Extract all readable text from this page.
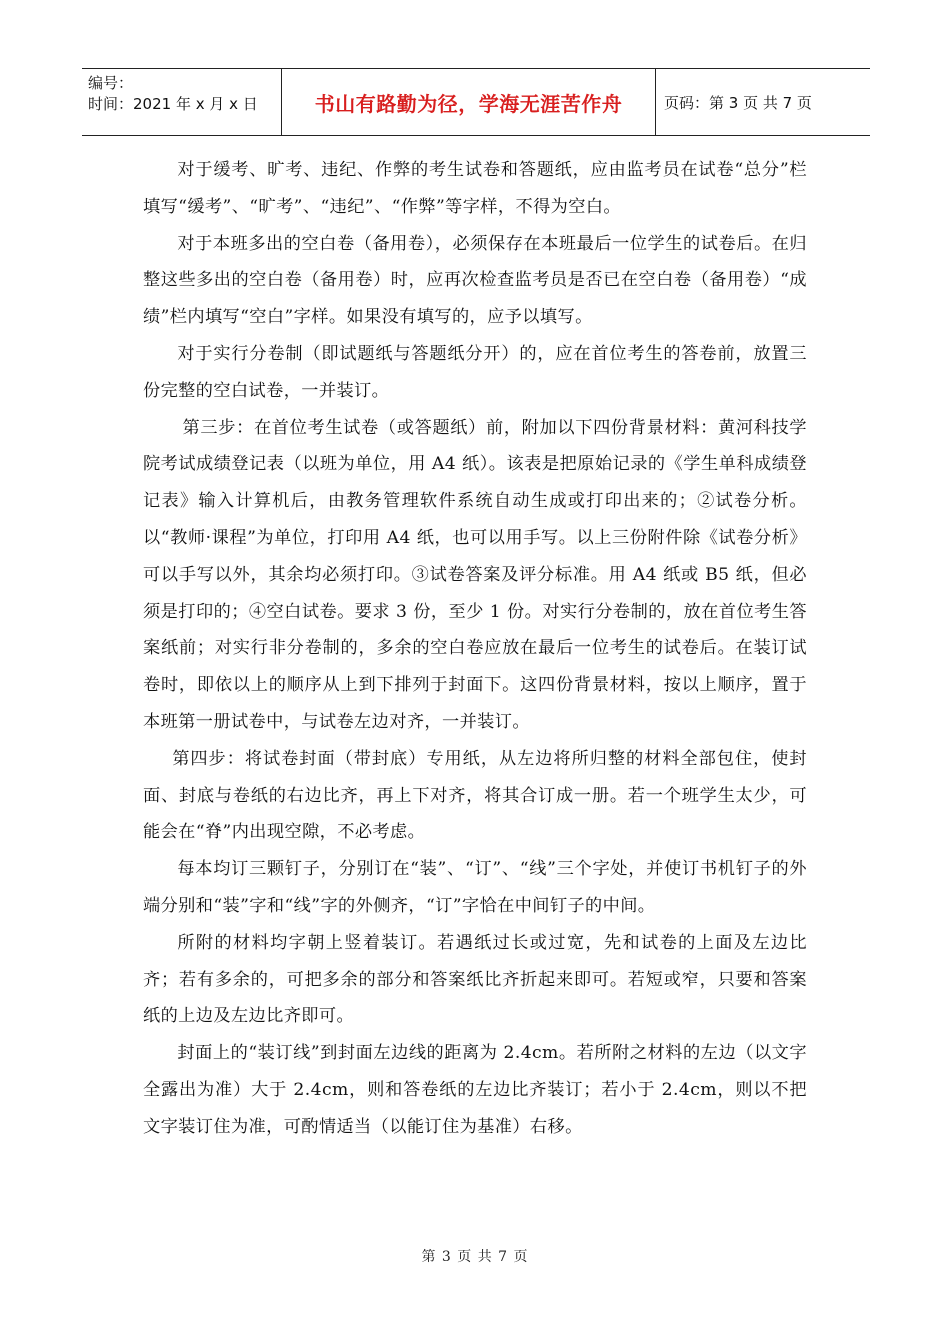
编号：
时间：2021 年 x 月 x 日	书山有路勤为径，学海无涯苦作舟	页码：第 3 页 共 7 页

对于缓考、旷考、违纪、作弊的考生试卷和答题纸，应由监考员在试卷“总分”栏填写“缓考”、“旷考”、“违纪”、“作弊”等字样，不得为空白。

对于本班多出的空白卷（备用卷），必须保存在本班最后一位学生的试卷后。在归整这些多出的空白卷（备用卷）时，应再次检查监考员是否已在空白卷（备用卷）“成绩”栏内填写“空白”字样。如果没有填写的，应予以填写。

对于实行分卷制（即试题纸与答题纸分开）的，应在首位考生的答卷前，放置三份完整的空白试卷，一并装订。

第三步：在首位考生试卷（或答题纸）前，附加以下四份背景材料：黄河科技学院考试成绩登记表（以班为单位，用 A4 纸）。该表是把原始记录的《学生单科成绩登记表》输入计算机后，由教务管理软件系统自动生成或打印出来的；②试卷分析。以“教师·课程”为单位，打印用 A4 纸，也可以用手写。以上三份附件除《试卷分析》可以手写以外，其余均必须打印。③试卷答案及评分标准。用 A4 纸或 B5 纸，但必须是打印的；④空白试卷。要求 3 份，至少 1 份。对实行分卷制的，放在首位考生答案纸前；对实行非分卷制的，多余的空白卷应放在最后一位考生的试卷后。在装订试卷时，即依以上的顺序从上到下排列于封面下。这四份背景材料，按以上顺序，置于本班第一册试卷中，与试卷左边对齐，一并装订。

第四步：将试卷封面（带封底）专用纸，从左边将所归整的材料全部包住，使封面、封底与卷纸的右边比齐，再上下对齐，将其合订成一册。若一个班学生太少，可能会在“脊”内出现空隙，不必考虑。

每本均订三颗钉子，分别订在“装”、“订”、“线”三个字处，并使订书机钉子的外端分别和“装”字和“线”字的外侧齐，“订”字恰在中间钉子的中间。

所附的材料均字朝上竖着装订。若遇纸过长或过宽，先和试卷的上面及左边比齐；若有多余的，可把多余的部分和答案纸比齐折起来即可。若短或窄，只要和答案纸的上边及左边比齐即可。

封面上的“装订线”到封面左边线的距离为 2.4cm。若所附之材料的左边（以文字全露出为准）大于 2.4cm，则和答卷纸的左边比齐装订；若小于 2.4cm，则以不把文字装订住为准，可酌情适当（以能订住为基准）右移。

第 3 页 共 7 页
